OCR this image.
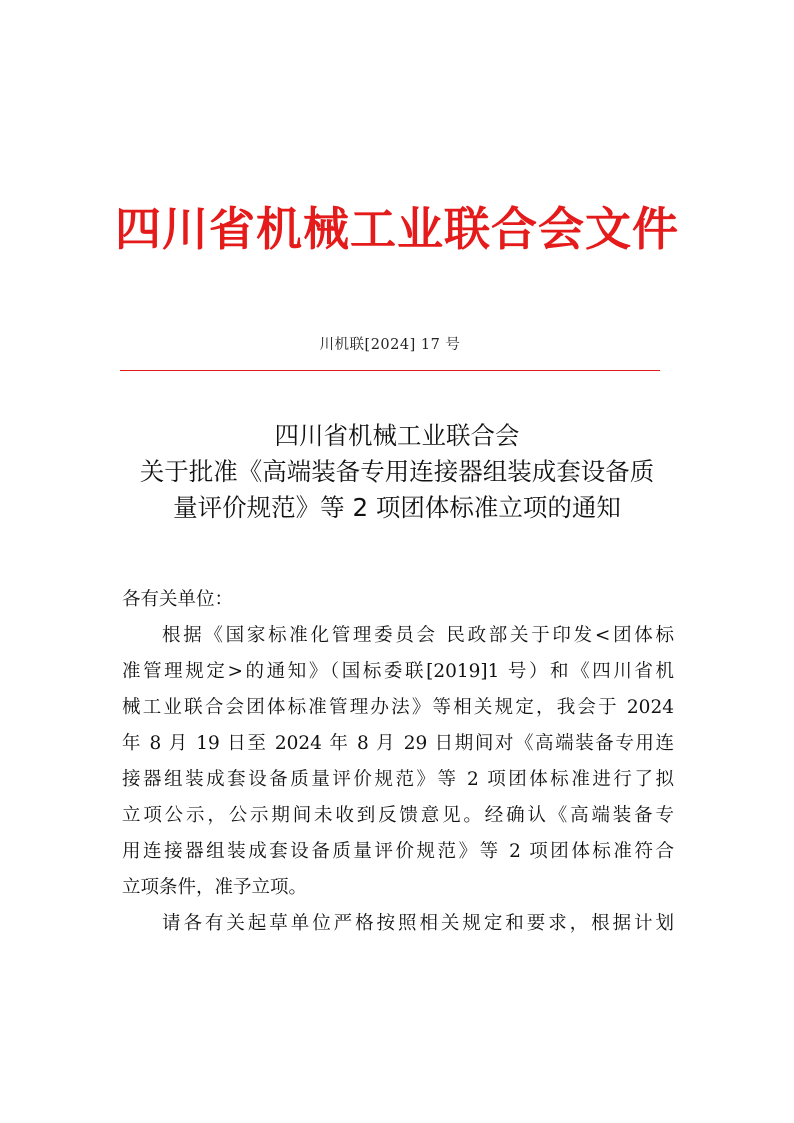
四川省机械工业联合会文件
川机联[2024] 17 号
四川省机械工业联合会
关于批准《高端装备专用连接器组装成套设备质
量评价规范》等 2 项团体标准立项的通知
各有关单位：
根据《国家标准化管理委员会 民政部关于印发<团体标
准管理规定>的通知》（国标委联[2019]1 号）和《四川省机
械工业联合会团体标准管理办法》等相关规定，我会于 2024
年 8 月 19 日至 2024 年 8 月 29 日期间对《高端装备专用连
接器组装成套设备质量评价规范》等 2 项团体标准进行了拟
立项公示，公示期间未收到反馈意见。经确认《高端装备专
用连接器组装成套设备质量评价规范》等 2 项团体标准符合
立项条件，准予立项。
请各有关起草单位严格按照相关规定和要求，根据计划
